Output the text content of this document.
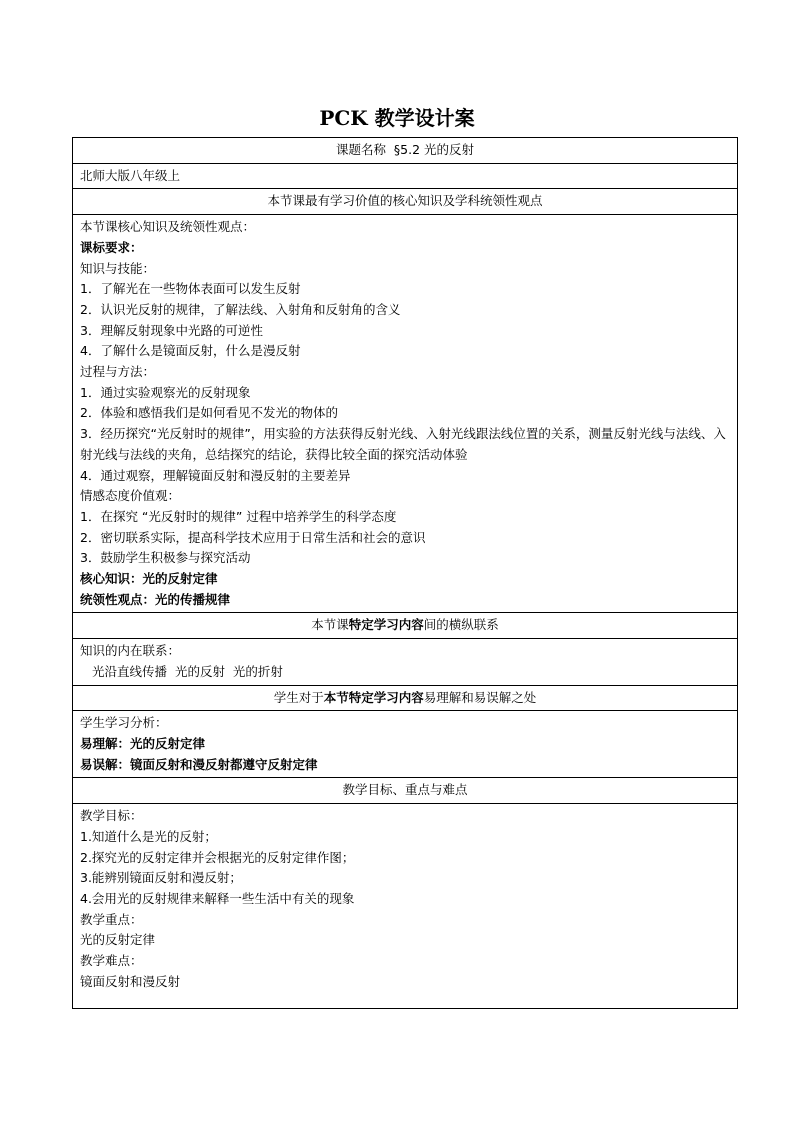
PCK 教学设计案
课题名称 §5.2 光的反射
北师大版八年级上
本节课最有学习价值的核心知识及学科统领性观点

本节课核心知识及统领性观点：
课标要求：
知识与技能：
1．了解光在一些物体表面可以发生反射
2．认识光反射的规律，了解法线、入射角和反射角的含义
3．理解反射现象中光路的可逆性
4．了解什么是镜面反射，什么是漫反射
过程与方法：
1．通过实验观察光的反射现象
2．体验和感悟我们是如何看见不发光的物体的
3．经历探究“光反射时的规律”，用实验的方法获得反射光线、入射光线跟法线位置的关系，测量反射光线与法线、入射光线与法线的夹角，总结探究的结论，获得比较全面的探究活动体验
4．通过观察，理解镜面反射和漫反射的主要差异
情感态度价值观：
1．在探究 “光反射时的规律” 过程中培养学生的科学态度
2．密切联系实际，提高科学技术应用于日常生活和社会的意识
3．鼓励学生积极参与探究活动
核心知识：光的反射定律
统领性观点：光的传播规律

本节课特定学习内容间的横纵联系

知识的内在联系：
光沿直线传播  光的反射  光的折射

学生对于本节特定学习内容易理解和易误解之处

学生学习分析：
易理解：光的反射定律
易误解：镜面反射和漫反射都遵守反射定律

教学目标、重点与难点

教学目标：
1.知道什么是光的反射；
2.探究光的反射定律并会根据光的反射定律作图；
3.能辨别镜面反射和漫反射；
4.会用光的反射规律来解释一些生活中有关的现象
教学重点：
光的反射定律
教学难点：
镜面反射和漫反射
